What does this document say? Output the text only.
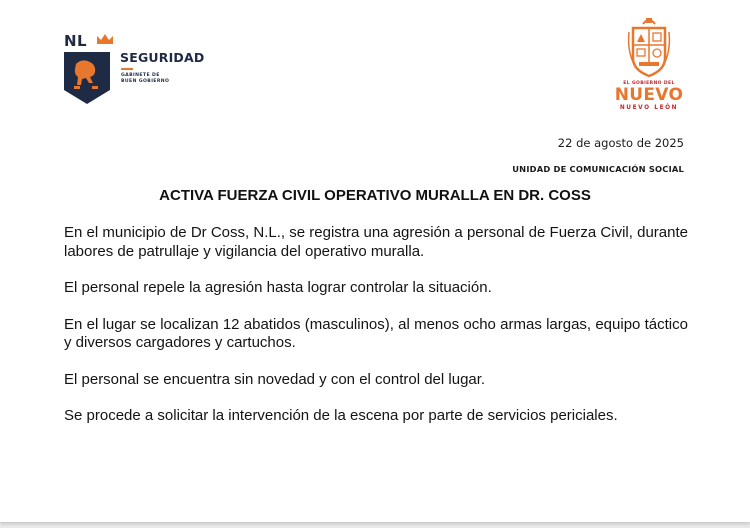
NL
SEGURIDAD
GABINETE DE
BUEN GOBIERNO	EL GOBIERNO DEL
NUEVO
NUEVO LEÓN
22 de agosto de 2025
UNIDAD DE COMUNICACIÓN SOCIAL
ACTIVA FUERZA CIVIL OPERATIVO MURALLA EN DR. COSS

En el municipio de Dr Coss, N.L., se registra una agresión a personal de Fuerza Civil, durante labores de patrullaje y vigilancia del operativo muralla.

El personal repele la agresión hasta lograr controlar la situación.

En el lugar se localizan 12 abatidos (masculinos), al menos ocho armas largas, equipo táctico y diversos cargadores y cartuchos.

El personal se encuentra sin novedad y con el control del lugar.

Se procede a solicitar la intervención de la escena por parte de servicios periciales.
